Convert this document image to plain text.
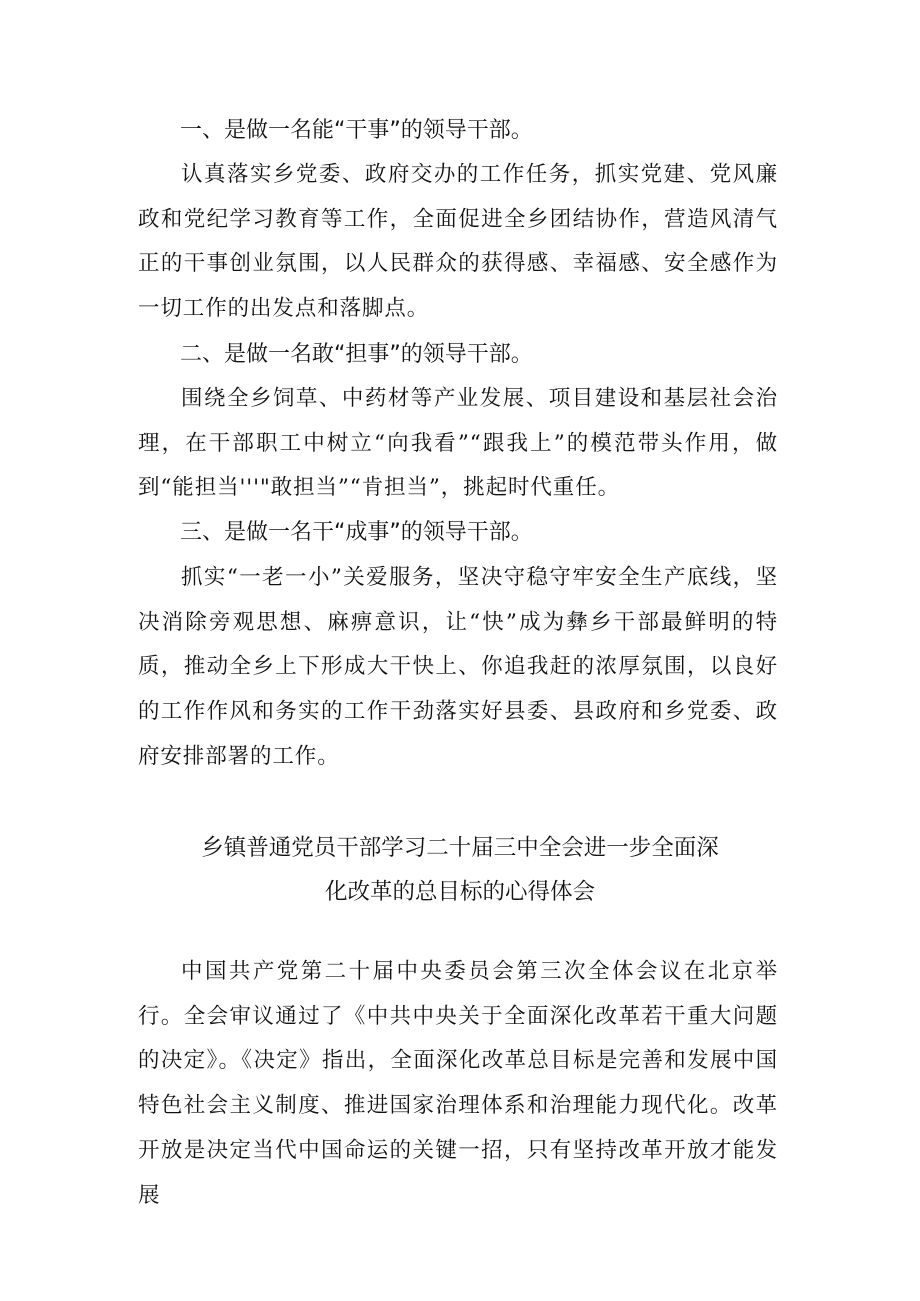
一、是做一名能“干事”的领导干部。
认真落实乡党委、政府交办的工作任务，抓实党建、党风廉政和党纪学习教育等工作，全面促进全乡团结协作，营造风清气正的干事创业氛围，以人民群众的获得感、幸福感、安全感作为一切工作的出发点和落脚点。
二、是做一名敢“担事”的领导干部。
围绕全乡饲草、中药材等产业发展、项目建设和基层社会治理，在干部职工中树立“向我看”“跟我上”的模范带头作用，做到“能担当'''"敢担当”“肯担当”，挑起时代重任。
三、是做一名干“成事”的领导干部。
抓实“一老一小”关爱服务，坚决守稳守牢安全生产底线，坚决消除旁观思想、麻痹意识，让“快”成为彝乡干部最鲜明的特质，推动全乡上下形成大干快上、你追我赶的浓厚氛围，以良好的工作作风和务实的工作干劲落实好县委、县政府和乡党委、政府安排部署的工作。
乡镇普通党员干部学习二十届三中全会进一步全面深
化改革的总目标的心得体会
中国共产党第二十届中央委员会第三次全体会议在北京举行。全会审议通过了《中共中央关于全面深化改革若干重大问题的决定》。《决定》指出，全面深化改革总目标是完善和发展中国特色社会主义制度、推进国家治理体系和治理能力现代化。改革开放是决定当代中国命运的关键一招，只有坚持改革开放才能发展
